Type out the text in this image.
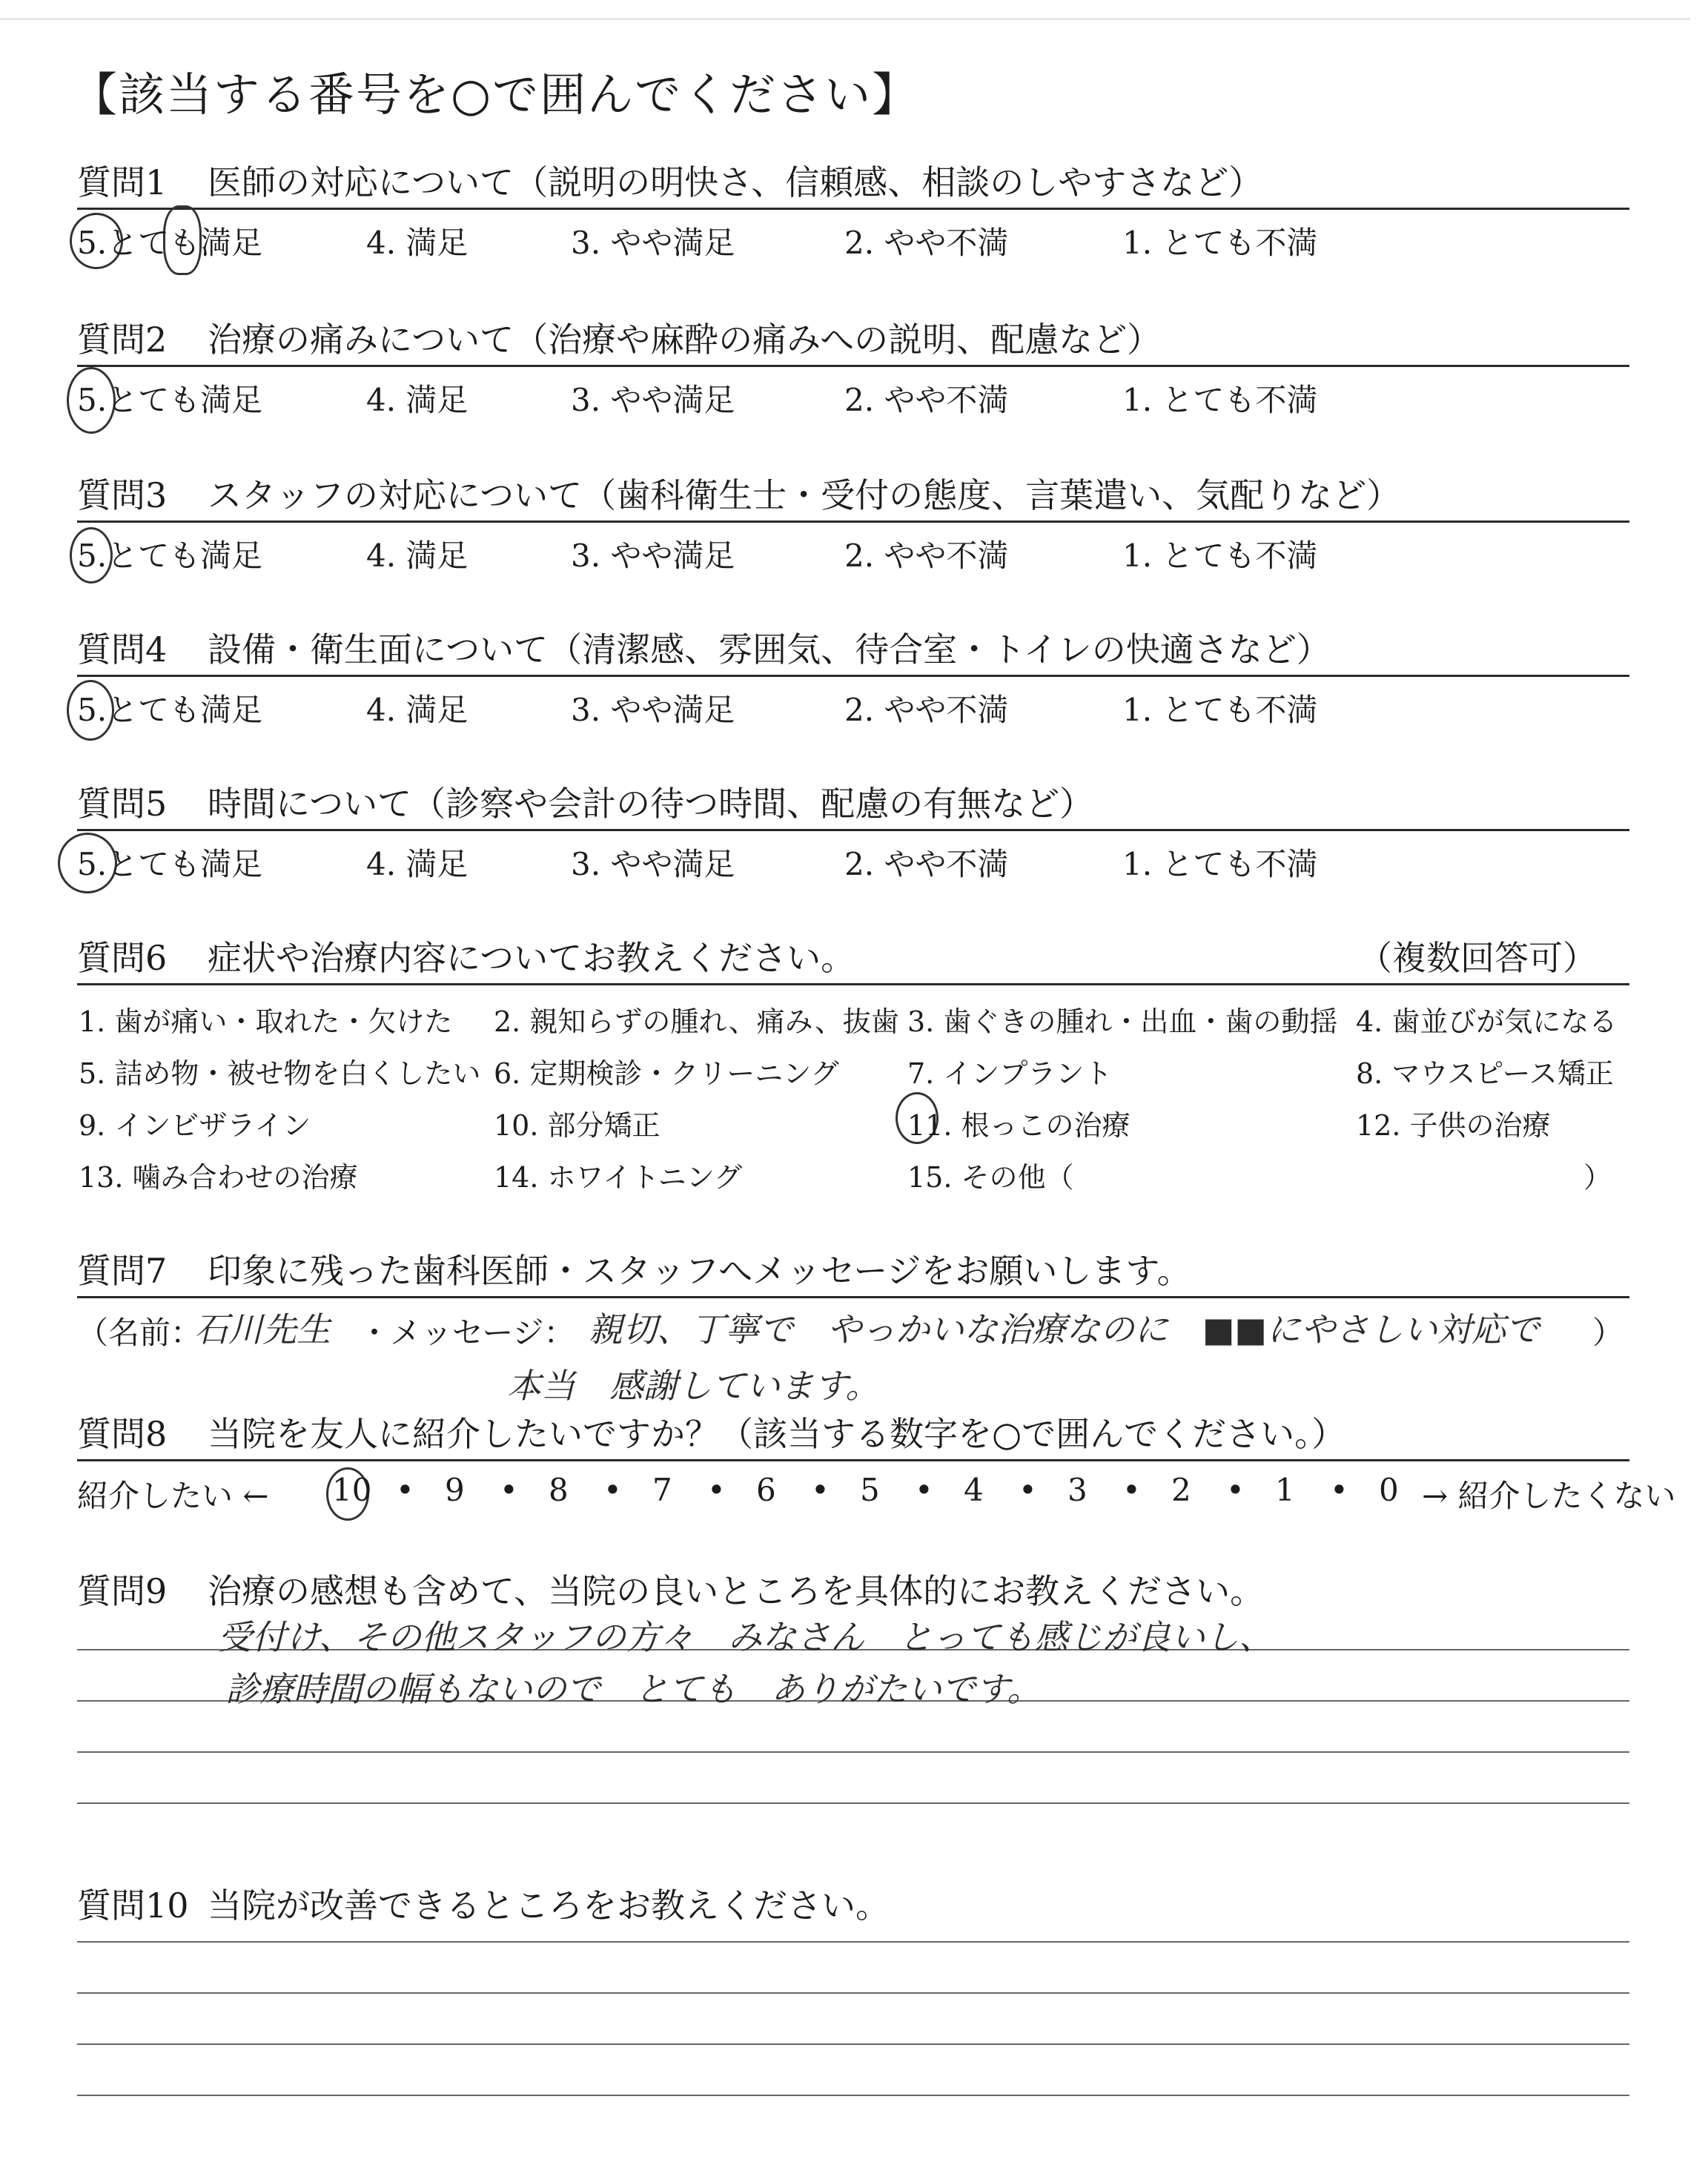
【該当する番号を○で囲んでください】
質問1 医師の対応について（説明の明快さ、信頼感、相談のしやすさなど）
5.とても満足	4. 満足	3. やや満足	2. やや不満	1. とても不満
質問2 治療の痛みについて（治療や麻酔の痛みへの説明、配慮など）
5.とても満足	4. 満足	3. やや満足	2. やや不満	1. とても不満
質問3 スタッフの対応について（歯科衛生士・受付の態度、言葉遣い、気配りなど）
5.とても満足	4. 満足	3. やや満足	2. やや不満	1. とても不満
質問4 設備・衛生面について（清潔感、雰囲気、待合室・トイレの快適さなど）
5.とても満足	4. 満足	3. やや満足	2. やや不満	1. とても不満
質問5 時間について（診察や会計の待つ時間、配慮の有無など）
5.とても満足	4. 満足	3. やや満足	2. やや不満	1. とても不満
質問6 症状や治療内容についてお教えください。	（複数回答可）
1. 歯が痛い・取れた・欠けた 2. 親知らずの腫れ、痛み、抜歯 3. 歯ぐきの腫れ・出血・歯の動揺 4. 歯並びが気になる
5. 詰め物・被せ物を白くしたい 6. 定期検診・クリーニング 7. インプラント	8. マウスピース矯正
9. インビザライン	10. 部分矯正	11. 根っこの治療	12. 子供の治療
13. 噛み合わせの治療	14. ホワイトニング	15. その他（	）
質問7 印象に残った歯科医師・スタッフへメッセージをお願いします。
（名前：
石川先生 ・メッセージ： 親切、丁寧で　やっかいな治療なのに　■■にやさしい対応で ）
本当　感謝しています。
質問8 当院を友人に紹介したいですか？（該当する数字を○で囲んでください。）
紹介したい ← 10 • 9 • 8 • 7 • 6 • 5 • 4 • 3 • 2 • 1 • 0 → 紹介したくない
質問9 治療の感想も含めて、当院の良いところを具体的にお教えください。
受付け、その他スタッフの方々　みなさん　とっても感じが良いし、
診療時間の幅もないので　とても　ありがたいです。
質問10 当院が改善できるところをお教えください。
